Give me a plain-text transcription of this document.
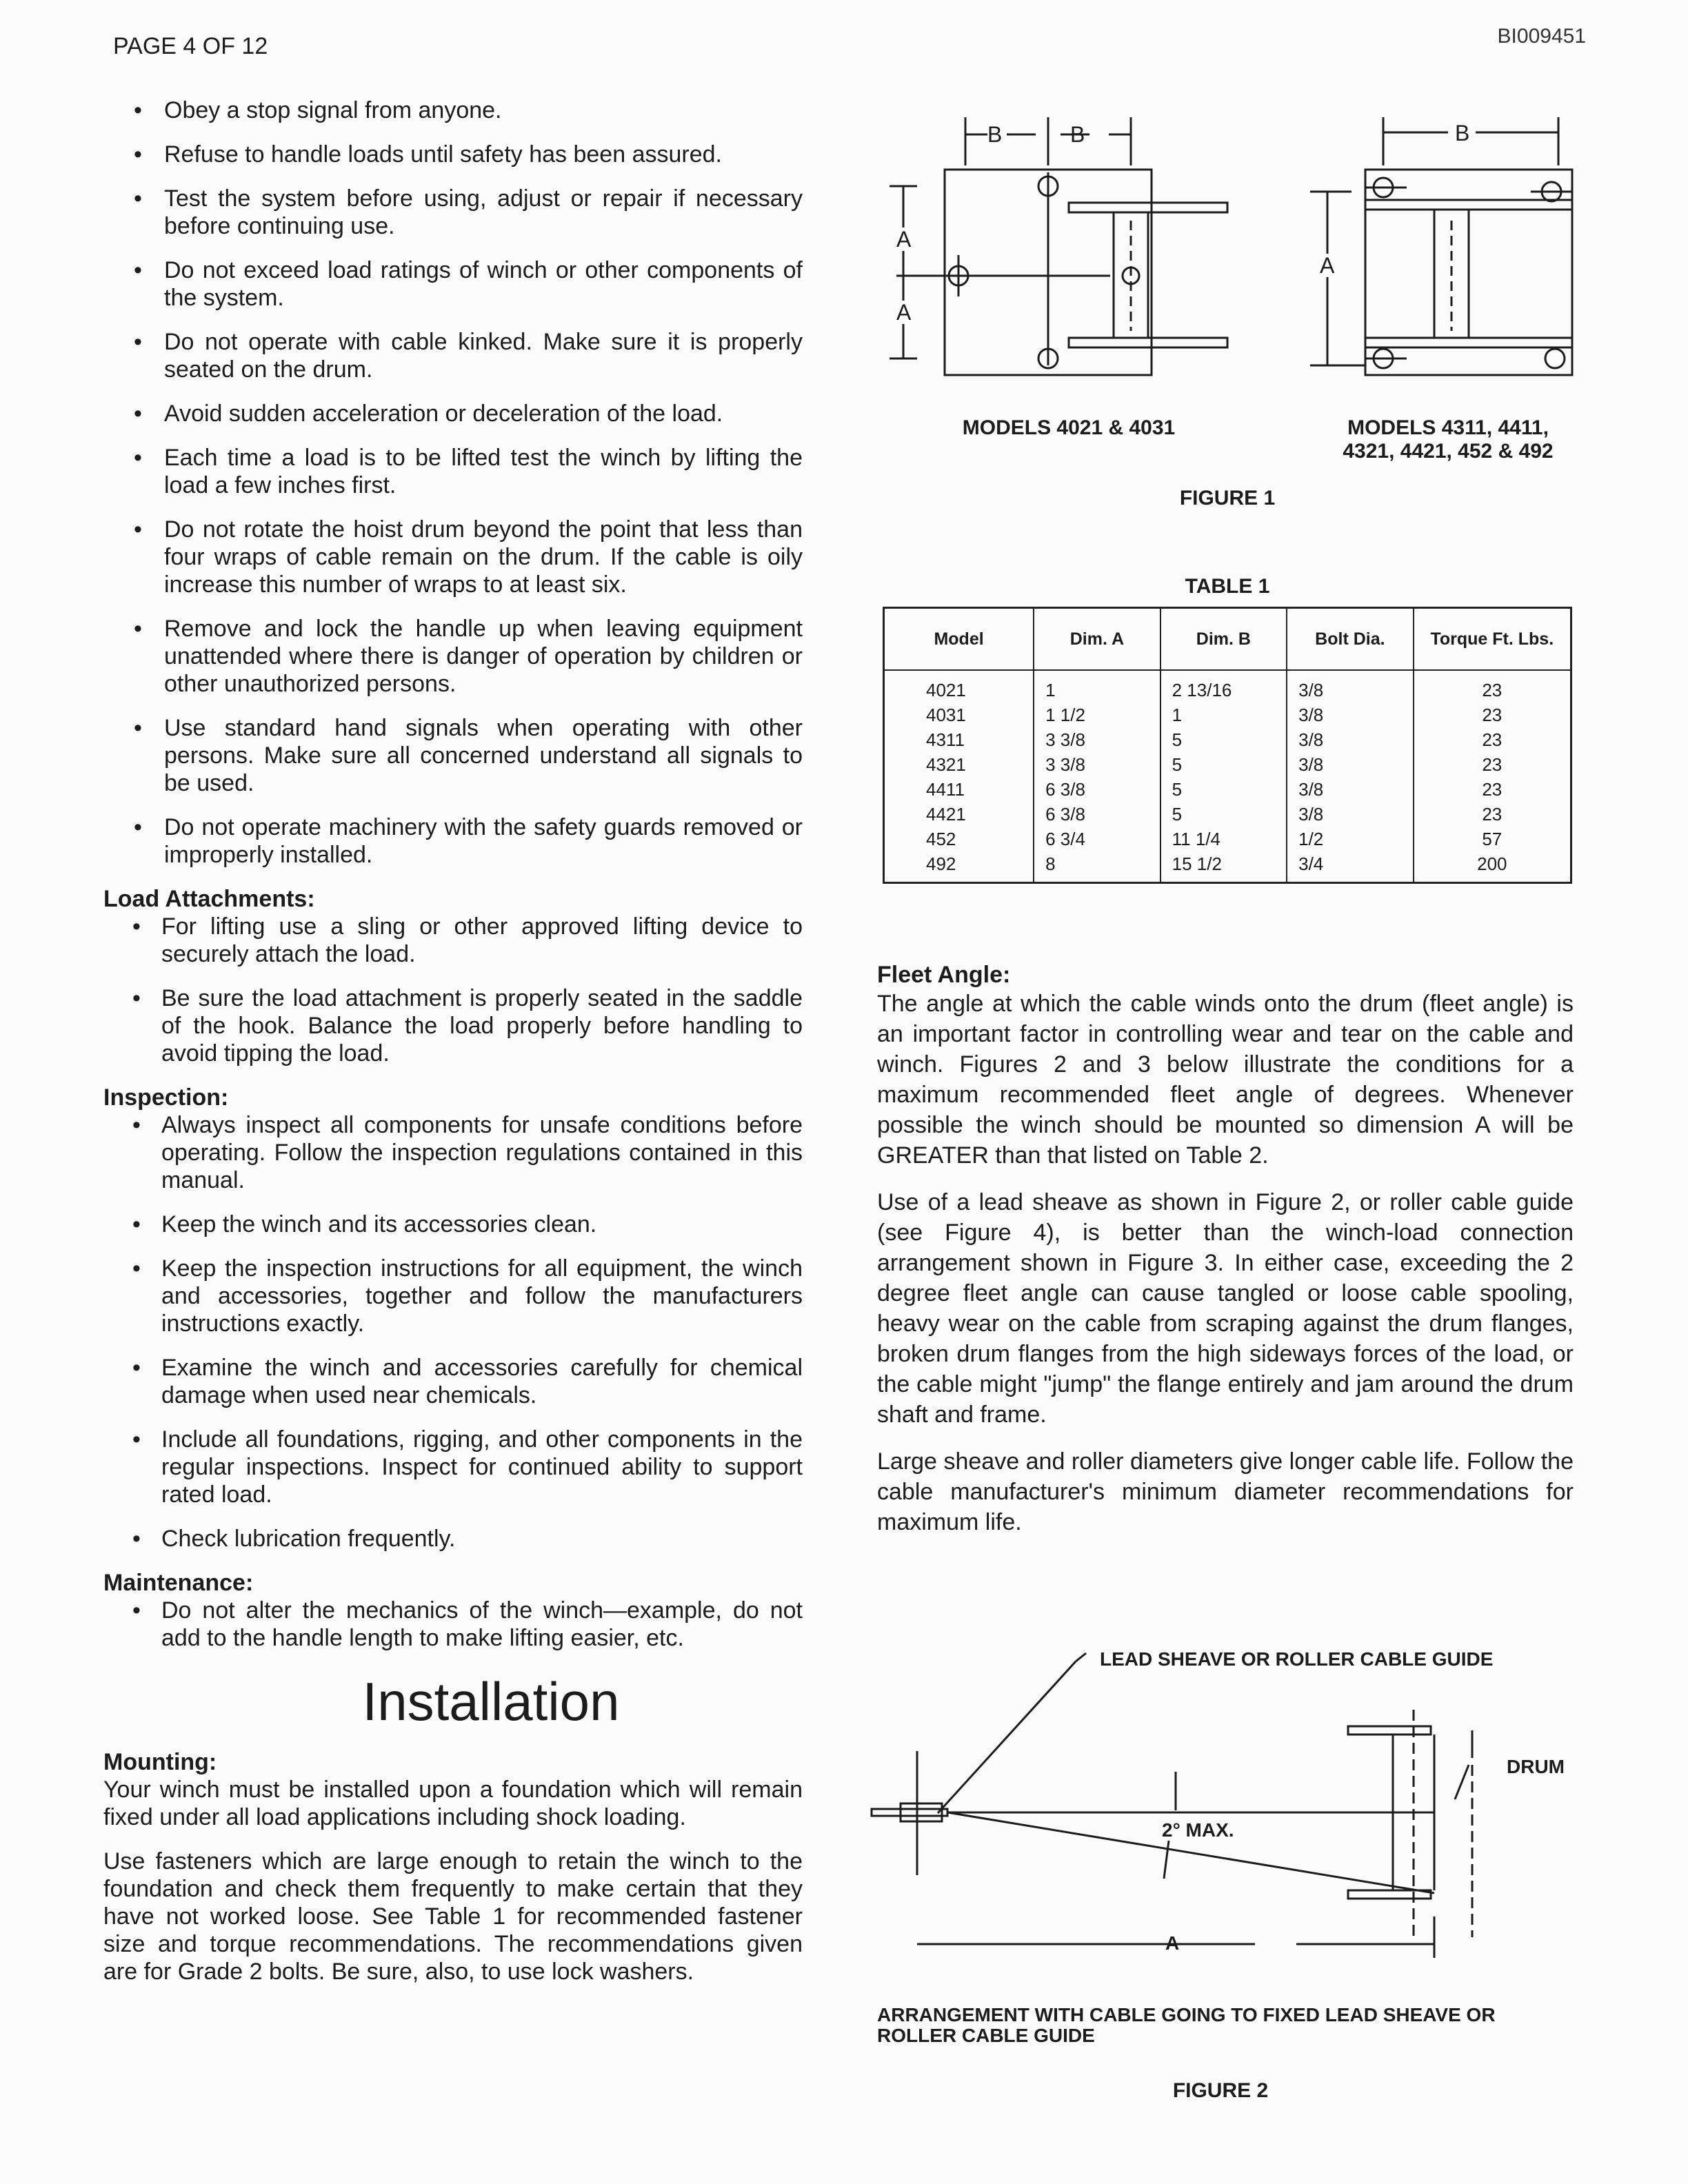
PAGE 4 OF 12	BI009451
• Obey a stop signal from anyone.
• Refuse to handle loads until safety has been assured.
• Test the system before using, adjust or repair if necessary before continuing use.
• Do not exceed load ratings of winch or other components of the system.
• Do not operate with cable kinked. Make sure it is properly seated on the drum.
• Avoid sudden acceleration or deceleration of the load.
• Each time a load is to be lifted test the winch by lifting the load a few inches first.
• Do not rotate the hoist drum beyond the point that less than four wraps of cable remain on the drum. If the cable is oily increase this number of wraps to at least six.
• Remove and lock the handle up when leaving equipment unattended where there is danger of operation by children or other unauthorized persons.
• Use standard hand signals when operating with other persons. Make sure all concerned understand all signals to be used.
• Do not operate machinery with the safety guards removed or improperly installed.
Load Attachments:
• For lifting use a sling or other approved lifting device to securely attach the load.
• Be sure the load attachment is properly seated in the saddle of the hook. Balance the load properly before handling to avoid tipping the load.
Inspection:
• Always inspect all components for unsafe conditions before operating. Follow the inspection regulations contained in this manual.
• Keep the winch and its accessories clean.
• Keep the inspection instructions for all equipment, the winch and accessories, together and follow the manufacturers instructions exactly.
• Examine the winch and accessories carefully for chemical damage when used near chemicals.
• Include all foundations, rigging, and other components in the regular inspections. Inspect for continued ability to support rated load.
• Check lubrication frequently.
Maintenance:
• Do not alter the mechanics of the winch—example, do not add to the handle length to make lifting easier, etc.
Installation
Mounting:

Your winch must be installed upon a foundation which will remain fixed under all load applications including shock loading.

Use fasteners which are large enough to retain the winch to the foundation and check them frequently to make certain that they have not worked loose. See Table 1 for recommended fastener size and torque recommendations. The recommendations given are for Grade 2 bolts. Be sure, also, to use lock washers.

B	B
A
A
B
A
MODELS 4021 & 4031	MODELS 4311, 4411,
4321, 4421, 452 & 492
FIGURE 1
TABLE 1
Model	Dim. A	Dim. B	Bolt Dia.	Torque Ft. Lbs.
4021	1	2 13/16	3/8	23
4031	1 1/2	1	3/8	23
4311	3 3/8	5	3/8	23
4321	3 3/8	5	3/8	23
4411	6 3/8	5	3/8	23
4421	6 3/8	5	3/8	23
452	6 3/4	11 1/4	1/2	57
492	8	15 1/2	3/4	200
Fleet Angle:

The angle at which the cable winds onto the drum (fleet angle) is an important factor in controlling wear and tear on the cable and winch. Figures 2 and 3 below illustrate the conditions for a maximum recommended fleet angle of degrees. Whenever possible the winch should be mounted so dimension A will be GREATER than that listed on Table 2.

Use of a lead sheave as shown in Figure 2, or roller cable guide (see Figure 4), is better than the winch-load connection arrangement shown in Figure 3. In either case, exceeding the 2 degree fleet angle can cause tangled or loose cable spooling, heavy wear on the cable from scraping against the drum flanges, broken drum flanges from the high sideways forces of the load, or the cable might "jump" the flange entirely and jam around the drum shaft and frame.

Large sheave and roller diameters give longer cable life. Follow the cable manufacturer's minimum diameter recommendations for maximum life.

LEAD SHEAVE OR ROLLER CABLE GUIDE
DRUM
2° MAX.
A
ARRANGEMENT WITH CABLE GOING TO FIXED LEAD SHEAVE OR
ROLLER CABLE GUIDE
FIGURE 2
